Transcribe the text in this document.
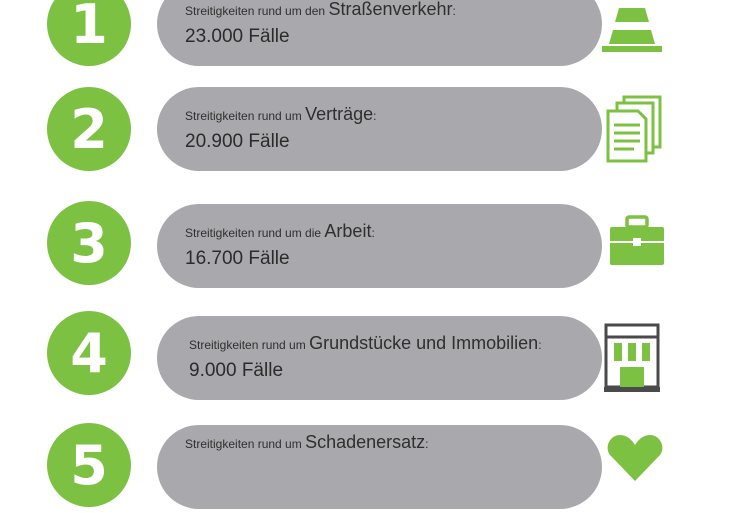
1	Streitigkeiten rund um den Straßenverkehr:
23.000 Fälle
2	Streitigkeiten rund um Verträge:
20.900 Fälle
3	Streitigkeiten rund um die Arbeit:
16.700 Fälle
4	Streitigkeiten rund um Grundstücke und Immobilien:
9.000 Fälle
5	Streitigkeiten rund um Schadenersatz:
